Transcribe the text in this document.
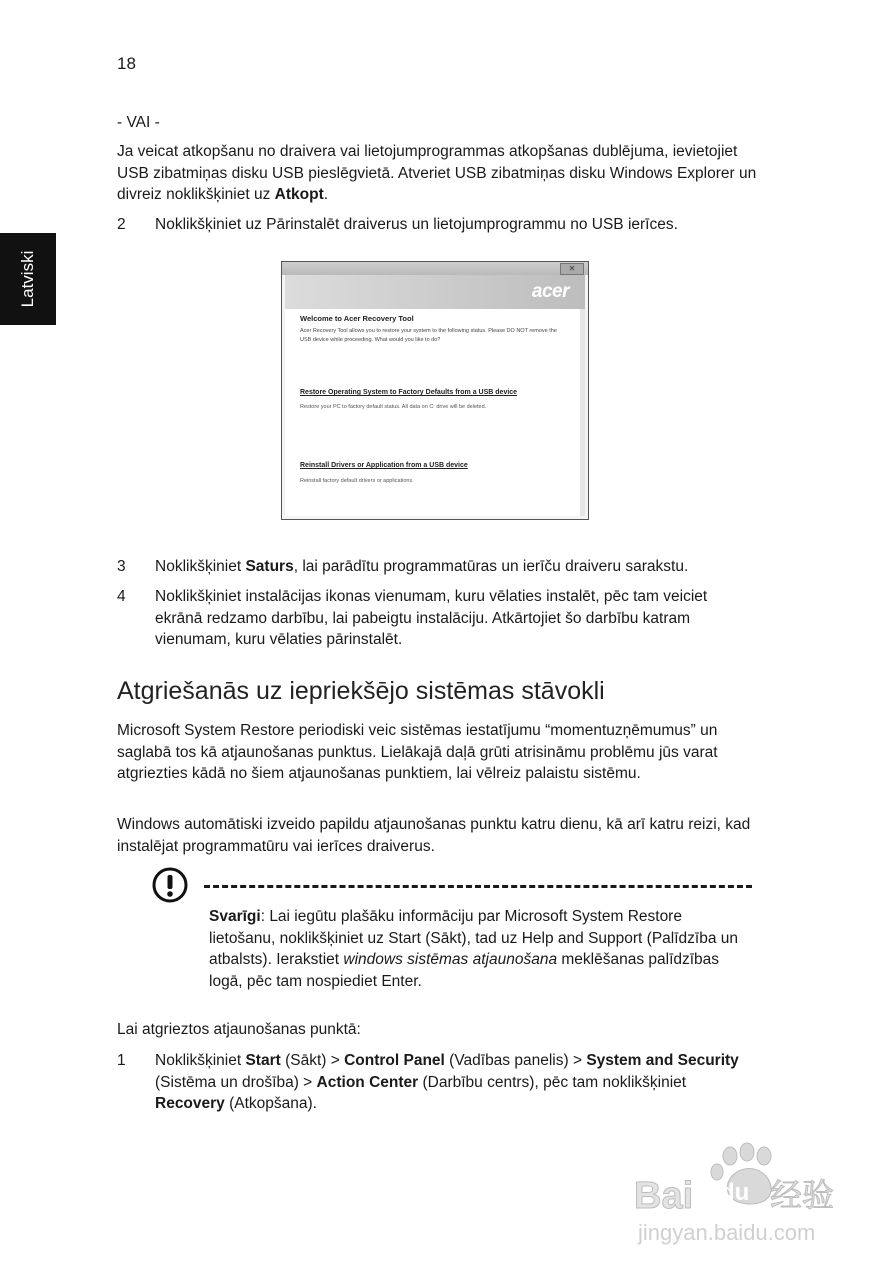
18
Latviski
- VAI -
Ja veicat atkopšanu no draivera vai lietojumprogrammas atkopšanas dublējuma, ievietojiet USB zibatmiņas disku USB pieslēgvietā. Atveriet USB zibatmiņas disku Windows Explorer un divreiz noklikšķiniet uz Atkopt.
2 Noklikšķiniet uz Pārinstalēt draiverus un lietojumprogrammu no USB ierīces.
✕
acer
Welcome to Acer Recovery Tool
Acer Recovery Tool allows you to restore your system to the following status. Please DO NOT remove the USB device while proceeding. What would you like to do?
Restore Operating System to Factory Defaults from a USB device
Restore your PC to factory default status. All data on C: drive will be deleted.
Reinstall Drivers or Application from a USB device
Reinstall factory default drivers or applications.
3 Noklikšķiniet Saturs, lai parādītu programmatūras un ierīču draiveru sarakstu.
4 Noklikšķiniet instalācijas ikonas vienumam, kuru vēlaties instalēt, pēc tam veiciet ekrānā redzamo darbību, lai pabeigtu instalāciju. Atkārtojiet šo darbību katram vienumam, kuru vēlaties pārinstalēt.
Atgriešanās uz iepriekšējo sistēmas stāvokli
Microsoft System Restore periodiski veic sistēmas iestatījumu “momentuzņēmumus” un saglabā tos kā atjaunošanas punktus. Lielākajā daļā grūti atrisināmu problēmu jūs varat atgriezties kādā no šiem atjaunošanas punktiem, lai vēlreiz palaistu sistēmu.
Windows automātiski izveido papildu atjaunošanas punktu katru dienu, kā arī katru reizi, kad instalējat programmatūru vai ierīces draiverus.
Svarīgi: Lai iegūtu plašāku informāciju par Microsoft System Restore lietošanu, noklikšķiniet uz Start (Sākt), tad uz Help and Support (Palīdzība un atbalsts). Ierakstiet windows sistēmas atjaunošana meklēšanas palīdzības logā, pēc tam nospiediet Enter.
Lai atgrieztos atjaunošanas punktā:
1 Noklikšķiniet Start (Sākt) > Control Panel (Vadības panelis) > System and Security (Sistēma un drošība) > Action Center (Darbību centrs), pēc tam noklikšķiniet Recovery (Atkopšana).
Bai du 经验
jingyan.baidu.com
